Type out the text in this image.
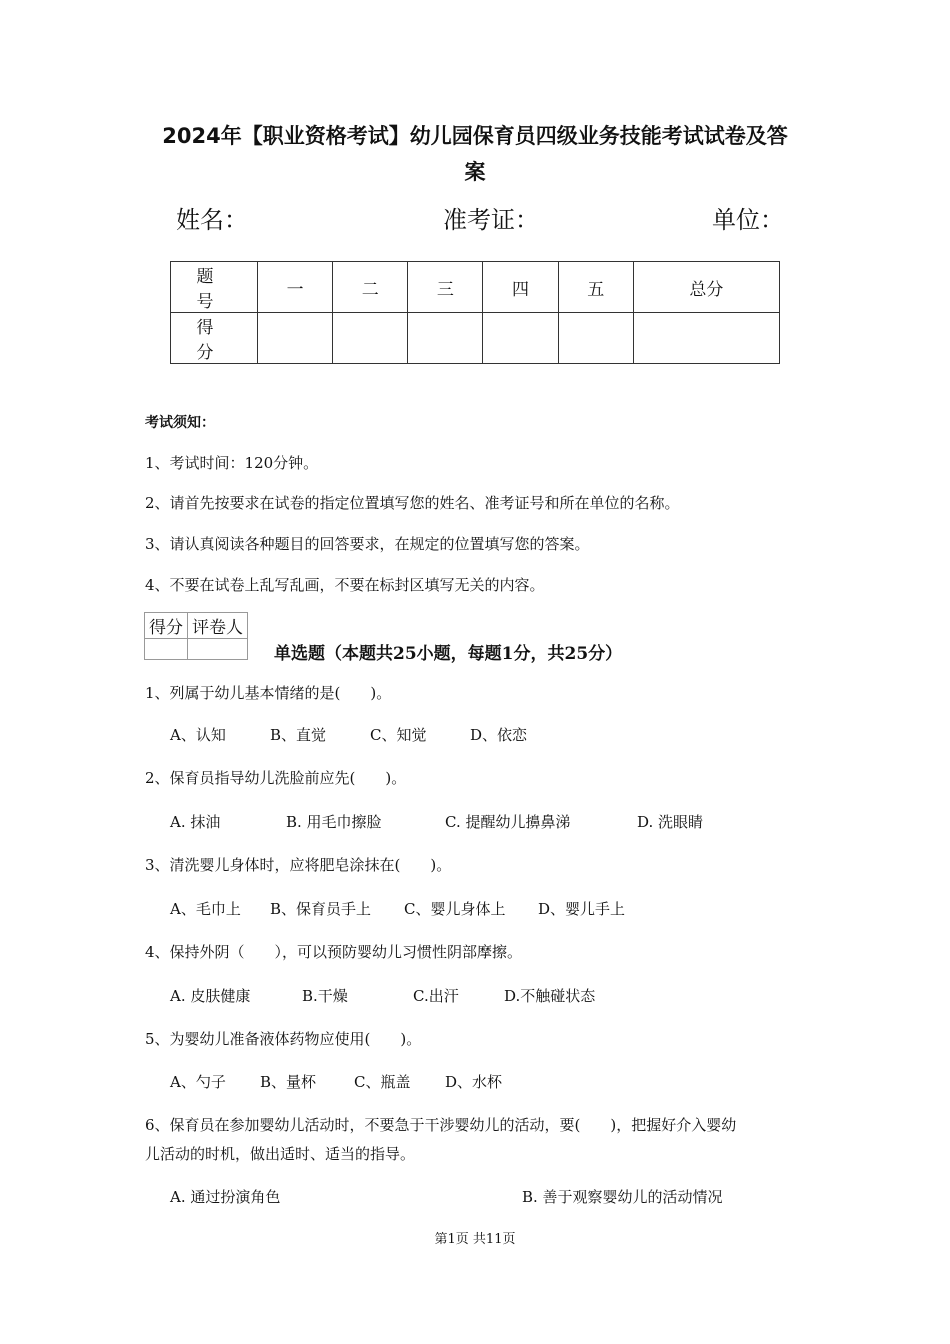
2024年【职业资格考试】幼儿园保育员四级业务技能考试试卷及答
案
姓名：	准考证：	单位：
题 号	一	二	三	四	五	总分
得 分						
考试须知：
1、考试时间：120分钟。
2、请首先按要求在试卷的指定位置填写您的姓名、准考证号和所在单位的名称。
3、请认真阅读各种题目的回答要求，在规定的位置填写您的答案。
4、不要在试卷上乱写乱画，不要在标封区填写无关的内容。
得分	评卷人

单选题（本题共25小题，每题1分，共25分）
1、列属于幼儿基本情绪的是(　　)。
A、认知	B、直觉	C、知觉	D、依恋
2、保育员指导幼儿洗脸前应先(　　)。
A. 抹油	B. 用毛巾擦脸	C. 提醒幼儿擤鼻涕	D. 洗眼睛
3、清洗婴儿身体时，应将肥皂涂抹在(　　)。
A、毛巾上 B、保育员手上 C、婴儿身体上 D、婴儿手上
4、保持外阴（　　），可以预防婴幼儿习惯性阴部摩擦。
A. 皮肤健康	B.干燥	C.出汗	D.不触碰状态
5、为婴幼儿准备液体药物应使用(　　)。
A、勺子 B、量杯	C、瓶盖 D、水杯
6、保育员在参加婴幼儿活动时，不要急于干涉婴幼儿的活动，要(　　)，把握好介入婴幼
儿活动的时机，做出适时、适当的指导。
A. 通过扮演角色	B. 善于观察婴幼儿的活动情况
第1页 共11页
